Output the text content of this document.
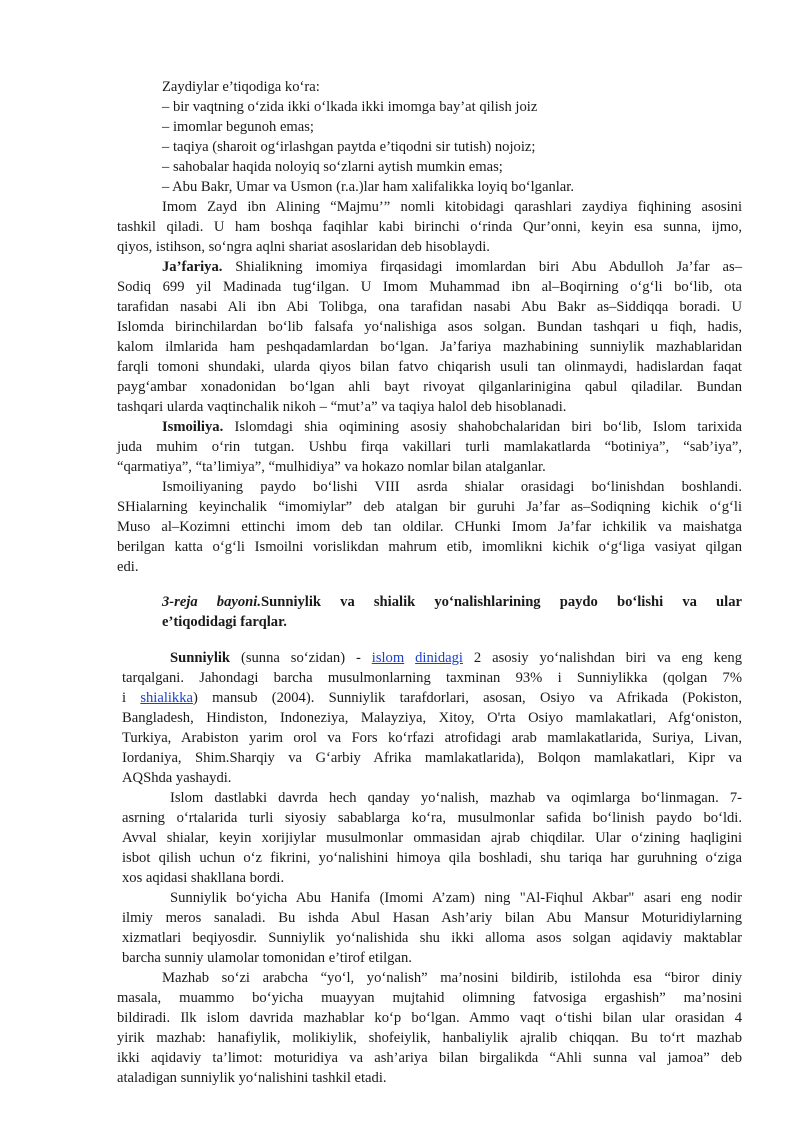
Zaydiylar e’tiqodiga ko‘ra:
– bir vaqtning o‘zida ikki o‘lkada ikki imomga bay’at qilish joiz
– imomlar begunoh emas;
– taqiya (sharoit og‘irlashgan paytda e’tiqodni sir tutish) nojoiz;
– sahobalar haqida noloyiq so‘zlarni aytish mumkin emas;
– Abu Bakr, Umar va Usmon (r.a.)lar ham xalifalikka loyiq bo‘lganlar.
Imom Zayd ibn Alining “Majmu’” nomli kitobidagi qarashlari zaydiya fiqhining asosini
tashkil qiladi. U ham boshqa faqihlar kabi birinchi o‘rinda Qur’onni, keyin esa sunna, ijmo,
qiyos, istihson, so‘ngra aqlni shariat asoslaridan deb hisoblaydi.
Ja’fariya. Shialikning imomiya firqasidagi imomlardan biri Abu Abdulloh Ja’far as–
Sodiq 699 yil Madinada tug‘ilgan. U Imom Muhammad ibn al–Boqirning o‘g‘li bo‘lib, ota
tarafidan nasabi Ali ibn Abi Tolibga, ona tarafidan nasabi Abu Bakr as–Siddiqqa boradi. U
Islomda birinchilardan bo‘lib falsafa yo‘nalishiga asos solgan. Bundan tashqari u fiqh, hadis,
kalom ilmlarida ham peshqadamlardan bo‘lgan. Ja’fariya mazhabining sunniylik mazhablaridan
farqli tomoni shundaki, ularda qiyos bilan fatvo chiqarish usuli tan olinmaydi, hadislardan faqat
payg‘ambar xonadonidan bo‘lgan ahli bayt rivoyat qilganlarinigina qabul qiladilar. Bundan
tashqari ularda vaqtinchalik nikoh – “mut’a” va taqiya halol deb hisoblanadi.
Ismoiliya. Islomdagi shia oqimining asosiy shahobchalaridan biri bo‘lib, Islom tarixida
juda muhim o‘rin tutgan. Ushbu firqa vakillari turli mamlakatlarda “botiniya”, “sab’iya”,
“qarmatiya”, “ta’limiya”, “mulhidiya” va hokazo nomlar bilan atalganlar.
Ismoiliyaning paydo bo‘lishi VIII asrda shialar orasidagi bo‘linishdan boshlandi.
SHialarning keyinchalik “imomiylar” deb atalgan bir guruhi Ja’far as–Sodiqning kichik o‘g‘li
Muso al–Kozimni ettinchi imom deb tan oldilar. CHunki Imom Ja’far ichkilik va maishatga
berilgan katta o‘g‘li Ismoilni vorislikdan mahrum etib, imomlikni kichik o‘g‘liga vasiyat qilgan
edi.
3-reja bayoni.Sunniylik va shialik yo‘nalishlarining paydo bo‘lishi va ular
e’tiqodidagi farqlar.
Sunniylik (sunna so‘zidan) - islom dinidagi 2 asosiy yo‘nalishdan biri va eng keng
tarqalgani. Jahondagi barcha musulmonlarning taxminan 93% i Sunniylikka (qolgan 7%
i shialikka) mansub (2004). Sunniylik tarafdorlari, asosan, Osiyo va Afrikada (Pokiston,
Bangladesh, Hindiston, Indoneziya, Malayziya, Xitoy, O'rta Osiyo mamlakatlari, Afg‘oniston,
Turkiya, Arabiston yarim orol va Fors ko‘rfazi atrofidagi arab mamlakatlarida, Suriya, Livan,
Iordaniya, Shim.Sharqiy va G‘arbiy Afrika mamlakatlarida), Bolqon mamlakatlari, Kipr va
AQShda yashaydi.
Islom dastlabki davrda hech qanday yo‘nalish, mazhab va oqimlarga bo‘linmagan. 7-
asrning o‘rtalarida turli siyosiy sabablarga ko‘ra, musulmonlar safida bo‘linish paydo bo‘ldi.
Avval shialar, keyin xorijiylar musulmonlar ommasidan ajrab chiqdilar. Ular o‘zining haqligini
isbot qilish uchun o‘z fikrini, yo‘nalishini himoya qila boshladi, shu tariqa har guruhning o‘ziga
xos aqidasi shakllana bordi.
Sunniylik bo‘yicha Abu Hanifa (Imomi A’zam) ning "Al-Fiqhul Akbar" asari eng nodir
ilmiy meros sanaladi. Bu ishda Abul Hasan Ash’ariy bilan Abu Mansur Moturidiylarning
xizmatlari beqiyosdir. Sunniylik yo‘nalishida shu ikki alloma asos solgan aqidaviy maktablar
barcha sunniy ulamolar tomonidan e’tirof etilgan.
Mazhab so‘zi arabcha “yo‘l, yo‘nalish” ma’nosini bildirib, istilohda esa “biror diniy
masala, muammo bo‘yicha muayyan mujtahid olimning fatvosiga ergashish” ma’nosini
bildiradi. Ilk islom davrida mazhablar ko‘p bo‘lgan. Ammo vaqt o‘tishi bilan ular orasidan 4
yirik mazhab: hanafiylik, molikiylik, shofeiylik, hanbaliylik ajralib chiqqan. Bu to‘rt mazhab
ikki aqidaviy ta’limot: moturidiya va ash’ariya bilan birgalikda “Ahli sunna val jamoa” deb
ataladigan sunniylik yo‘nalishini tashkil etadi.
